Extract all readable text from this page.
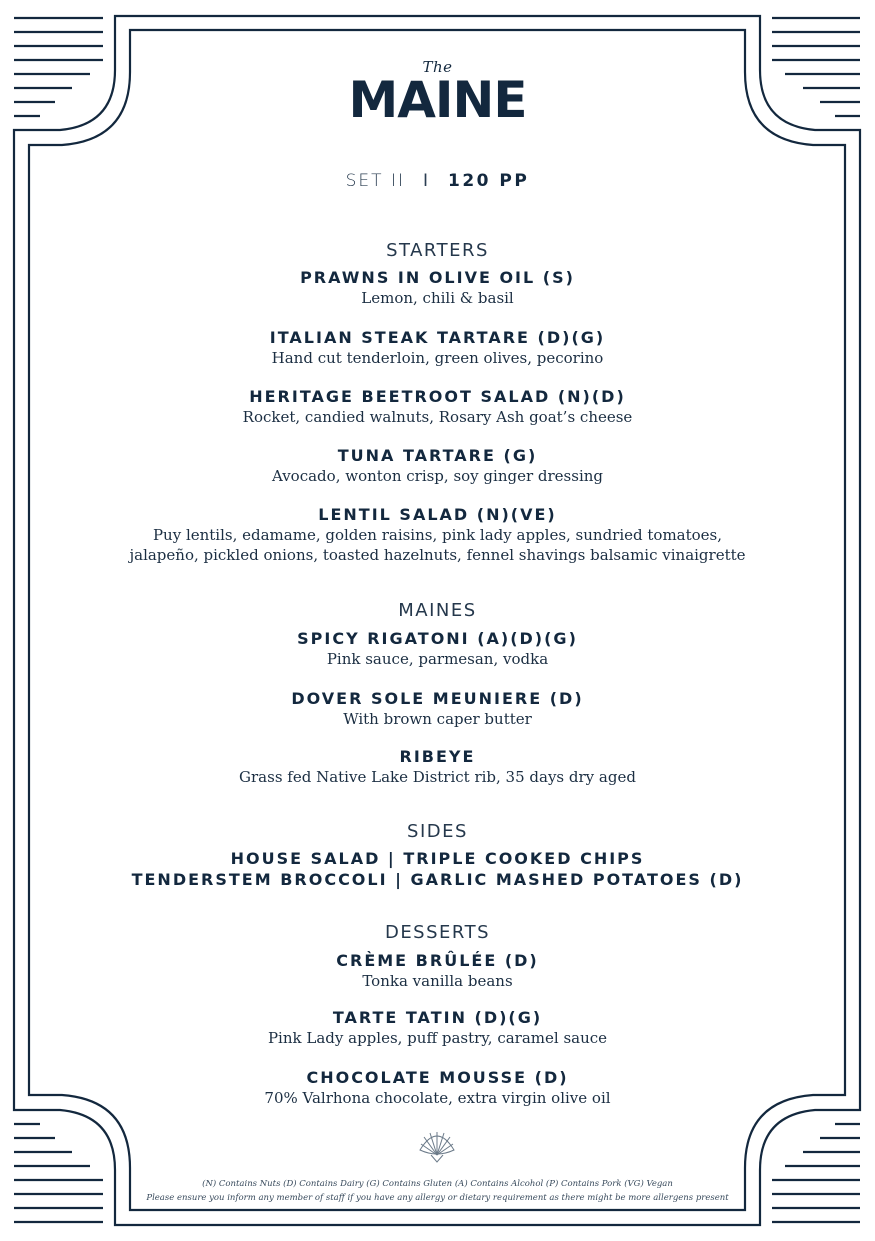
The
MAINE
SET II I 120 PP
STARTERS
PRAWNS IN OLIVE OIL (S)
Lemon, chili & basil
ITALIAN STEAK TARTARE (D)(G)
Hand cut tenderloin, green olives, pecorino
HERITAGE BEETROOT SALAD (N)(D)
Rocket, candied walnuts, Rosary Ash goat’s cheese
TUNA TARTARE (G)
Avocado, wonton crisp, soy ginger dressing
LENTIL SALAD (N)(VE)
Puy lentils, edamame, golden raisins, pink lady apples, sundried tomatoes,
jalapeño, pickled onions, toasted hazelnuts, fennel shavings balsamic vinaigrette
MAINES
SPICY RIGATONI (A)(D)(G)
Pink sauce, parmesan, vodka
DOVER SOLE MEUNIERE (D)
With brown caper butter
RIBEYE
Grass fed Native Lake District rib, 35 days dry aged
SIDES
HOUSE SALAD | TRIPLE COOKED CHIPS
TENDERSTEM BROCCOLI | GARLIC MASHED POTATOES (D)
DESSERTS
CRÈME BRÛLÉE (D)
Tonka vanilla beans
TARTE TATIN (D)(G)
Pink Lady apples, puff pastry, caramel sauce
CHOCOLATE MOUSSE (D)
70% Valrhona chocolate, extra virgin olive oil
(N) Contains Nuts (D) Contains Dairy (G) Contains Gluten (A) Contains Alcohol (P) Contains Pork (VG) Vegan
Please ensure you inform any member of staff if you have any allergy or dietary requirement as there might be more allergens present
